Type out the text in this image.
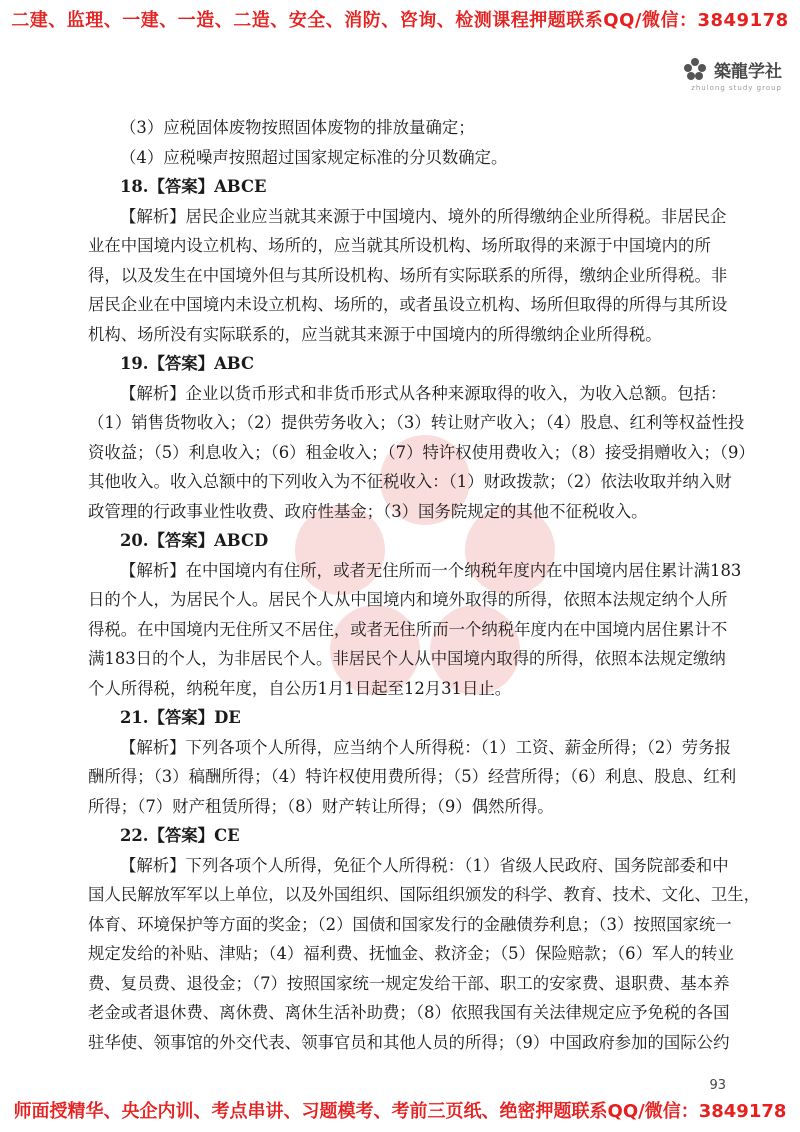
二建、监理、一建、一造、二造、安全、消防、咨询、检测课程押题联系QQ/微信：3849178
築龍学社
zhulong study group
（3）应税固体废物按照固体废物的排放量确定；
（4）应税噪声按照超过国家规定标准的分贝数确定。
18.【答案】ABCE
【解析】居民企业应当就其来源于中国境内、境外的所得缴纳企业所得税。非居民企
业在中国境内设立机构、场所的，应当就其所设机构、场所取得的来源于中国境内的所
得，以及发生在中国境外但与其所设机构、场所有实际联系的所得，缴纳企业所得税。非
居民企业在中国境内未设立机构、场所的，或者虽设立机构、场所但取得的所得与其所设
机构、场所没有实际联系的，应当就其来源于中国境内的所得缴纳企业所得税。
19.【答案】ABC
【解析】企业以货币形式和非货币形式从各种来源取得的收入，为收入总额。包括：
（1）销售货物收入；（2）提供劳务收入；（3）转让财产收入；（4）股息、红利等权益性投
资收益；（5）利息收入；（6）租金收入；（7）特许权使用费收入；（8）接受捐赠收入；（9）
其他收入。收入总额中的下列收入为不征税收入：（1）财政拨款；（2）依法收取并纳入财
政管理的行政事业性收费、政府性基金；（3）国务院规定的其他不征税收入。
20.【答案】ABCD
【解析】在中国境内有住所，或者无住所而一个纳税年度内在中国境内居住累计满183
日的个人，为居民个人。居民个人从中国境内和境外取得的所得，依照本法规定纳个人所
得税。在中国境内无住所又不居住，或者无住所而一个纳税年度内在中国境内居住累计不
满183日的个人，为非居民个人。非居民个人从中国境内取得的所得，依照本法规定缴纳
个人所得税，纳税年度，自公历1月1日起至12月31日止。
21.【答案】DE
【解析】下列各项个人所得，应当纳个人所得税：（1）工资、薪金所得；（2）劳务报
酬所得；（3）稿酬所得；（4）特许权使用费所得；（5）经营所得；（6）利息、股息、红利
所得；（7）财产租赁所得；（8）财产转让所得；（9）偶然所得。
22.【答案】CE
【解析】下列各项个人所得，免征个人所得税：（1）省级人民政府、国务院部委和中
国人民解放军军以上单位，以及外国组织、国际组织颁发的科学、教育、技术、文化、卫生，
体育、环境保护等方面的奖金；（2）国债和国家发行的金融债券利息；（3）按照国家统一
规定发给的补贴、津贴；（4）福利费、抚恤金、救济金；（5）保险赔款；（6）军人的转业
费、复员费、退役金；（7）按照国家统一规定发给干部、职工的安家费、退职费、基本养
老金或者退休费、离休费、离休生活补助费；（8）依照我国有关法律规定应予免税的各国
驻华使、领事馆的外交代表、领事官员和其他人员的所得；（9）中国政府参加的国际公约
93
师面授精华、央企内训、考点串讲、习题模考、考前三页纸、绝密押题联系QQ/微信：3849178
